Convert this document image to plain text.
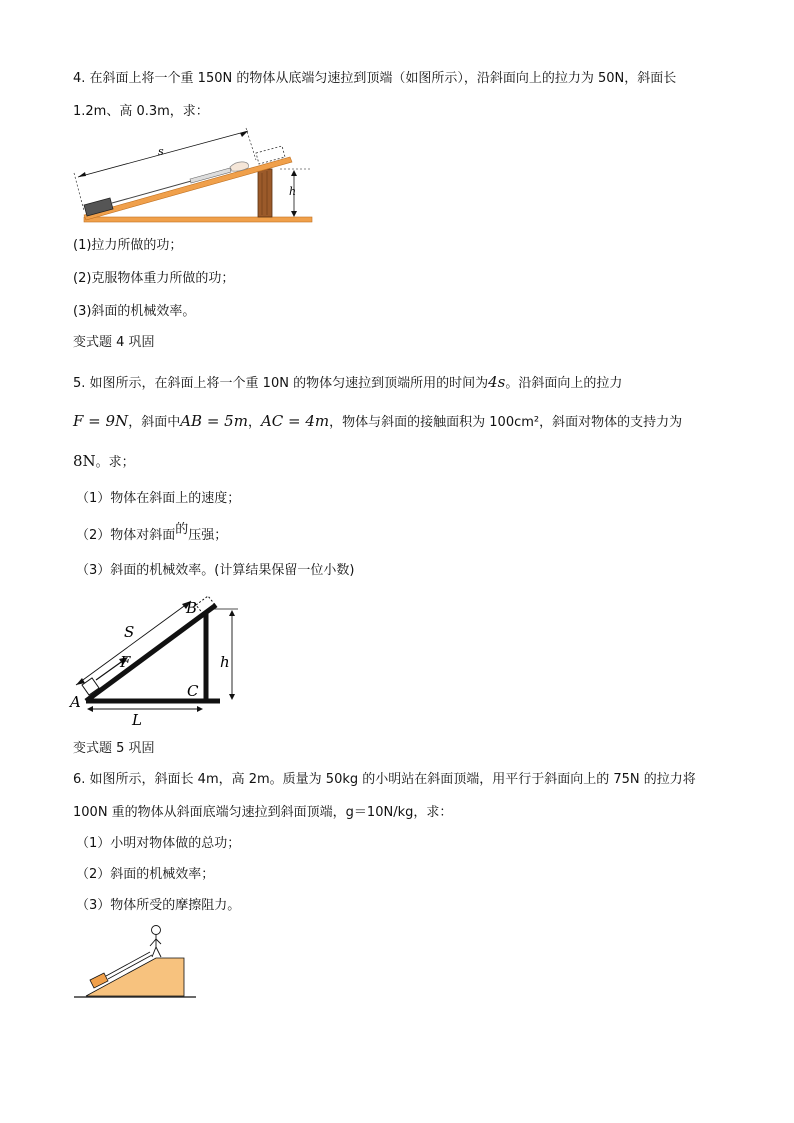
4. 在斜面上将一个重 150N 的物体从底端匀速拉到顶端（如图所示），沿斜面向上的拉力为 50N，斜面长
1.2m、高 0.3m，求：
s
h
(1)拉力所做的功；
(2)克服物体重力所做的功；
(3)斜面的机械效率。
变式题 4 巩固
5. 如图所示，在斜面上将一个重 10N 的物体匀速拉到顶端所用的时间为4s。沿斜面向上的拉力
F = 9N，斜面中AB = 5m，AC = 4m，物体与斜面的接触面积为 100cm²，斜面对物体的支持力为
8N。求；
（1）物体在斜面上的速度；
（2）物体对斜面的压强；
（3）斜面的机械效率。(计算结果保留一位小数)
F
S
B
C
A
h
L
变式题 5 巩固
6. 如图所示，斜面长 4m，高 2m。质量为 50kg 的小明站在斜面顶端，用平行于斜面向上的 75N 的拉力将
100N 重的物体从斜面底端匀速拉到斜面顶端，g＝10N/kg，求：
（1）小明对物体做的总功；
（2）斜面的机械效率；
（3）物体所受的摩擦阻力。
